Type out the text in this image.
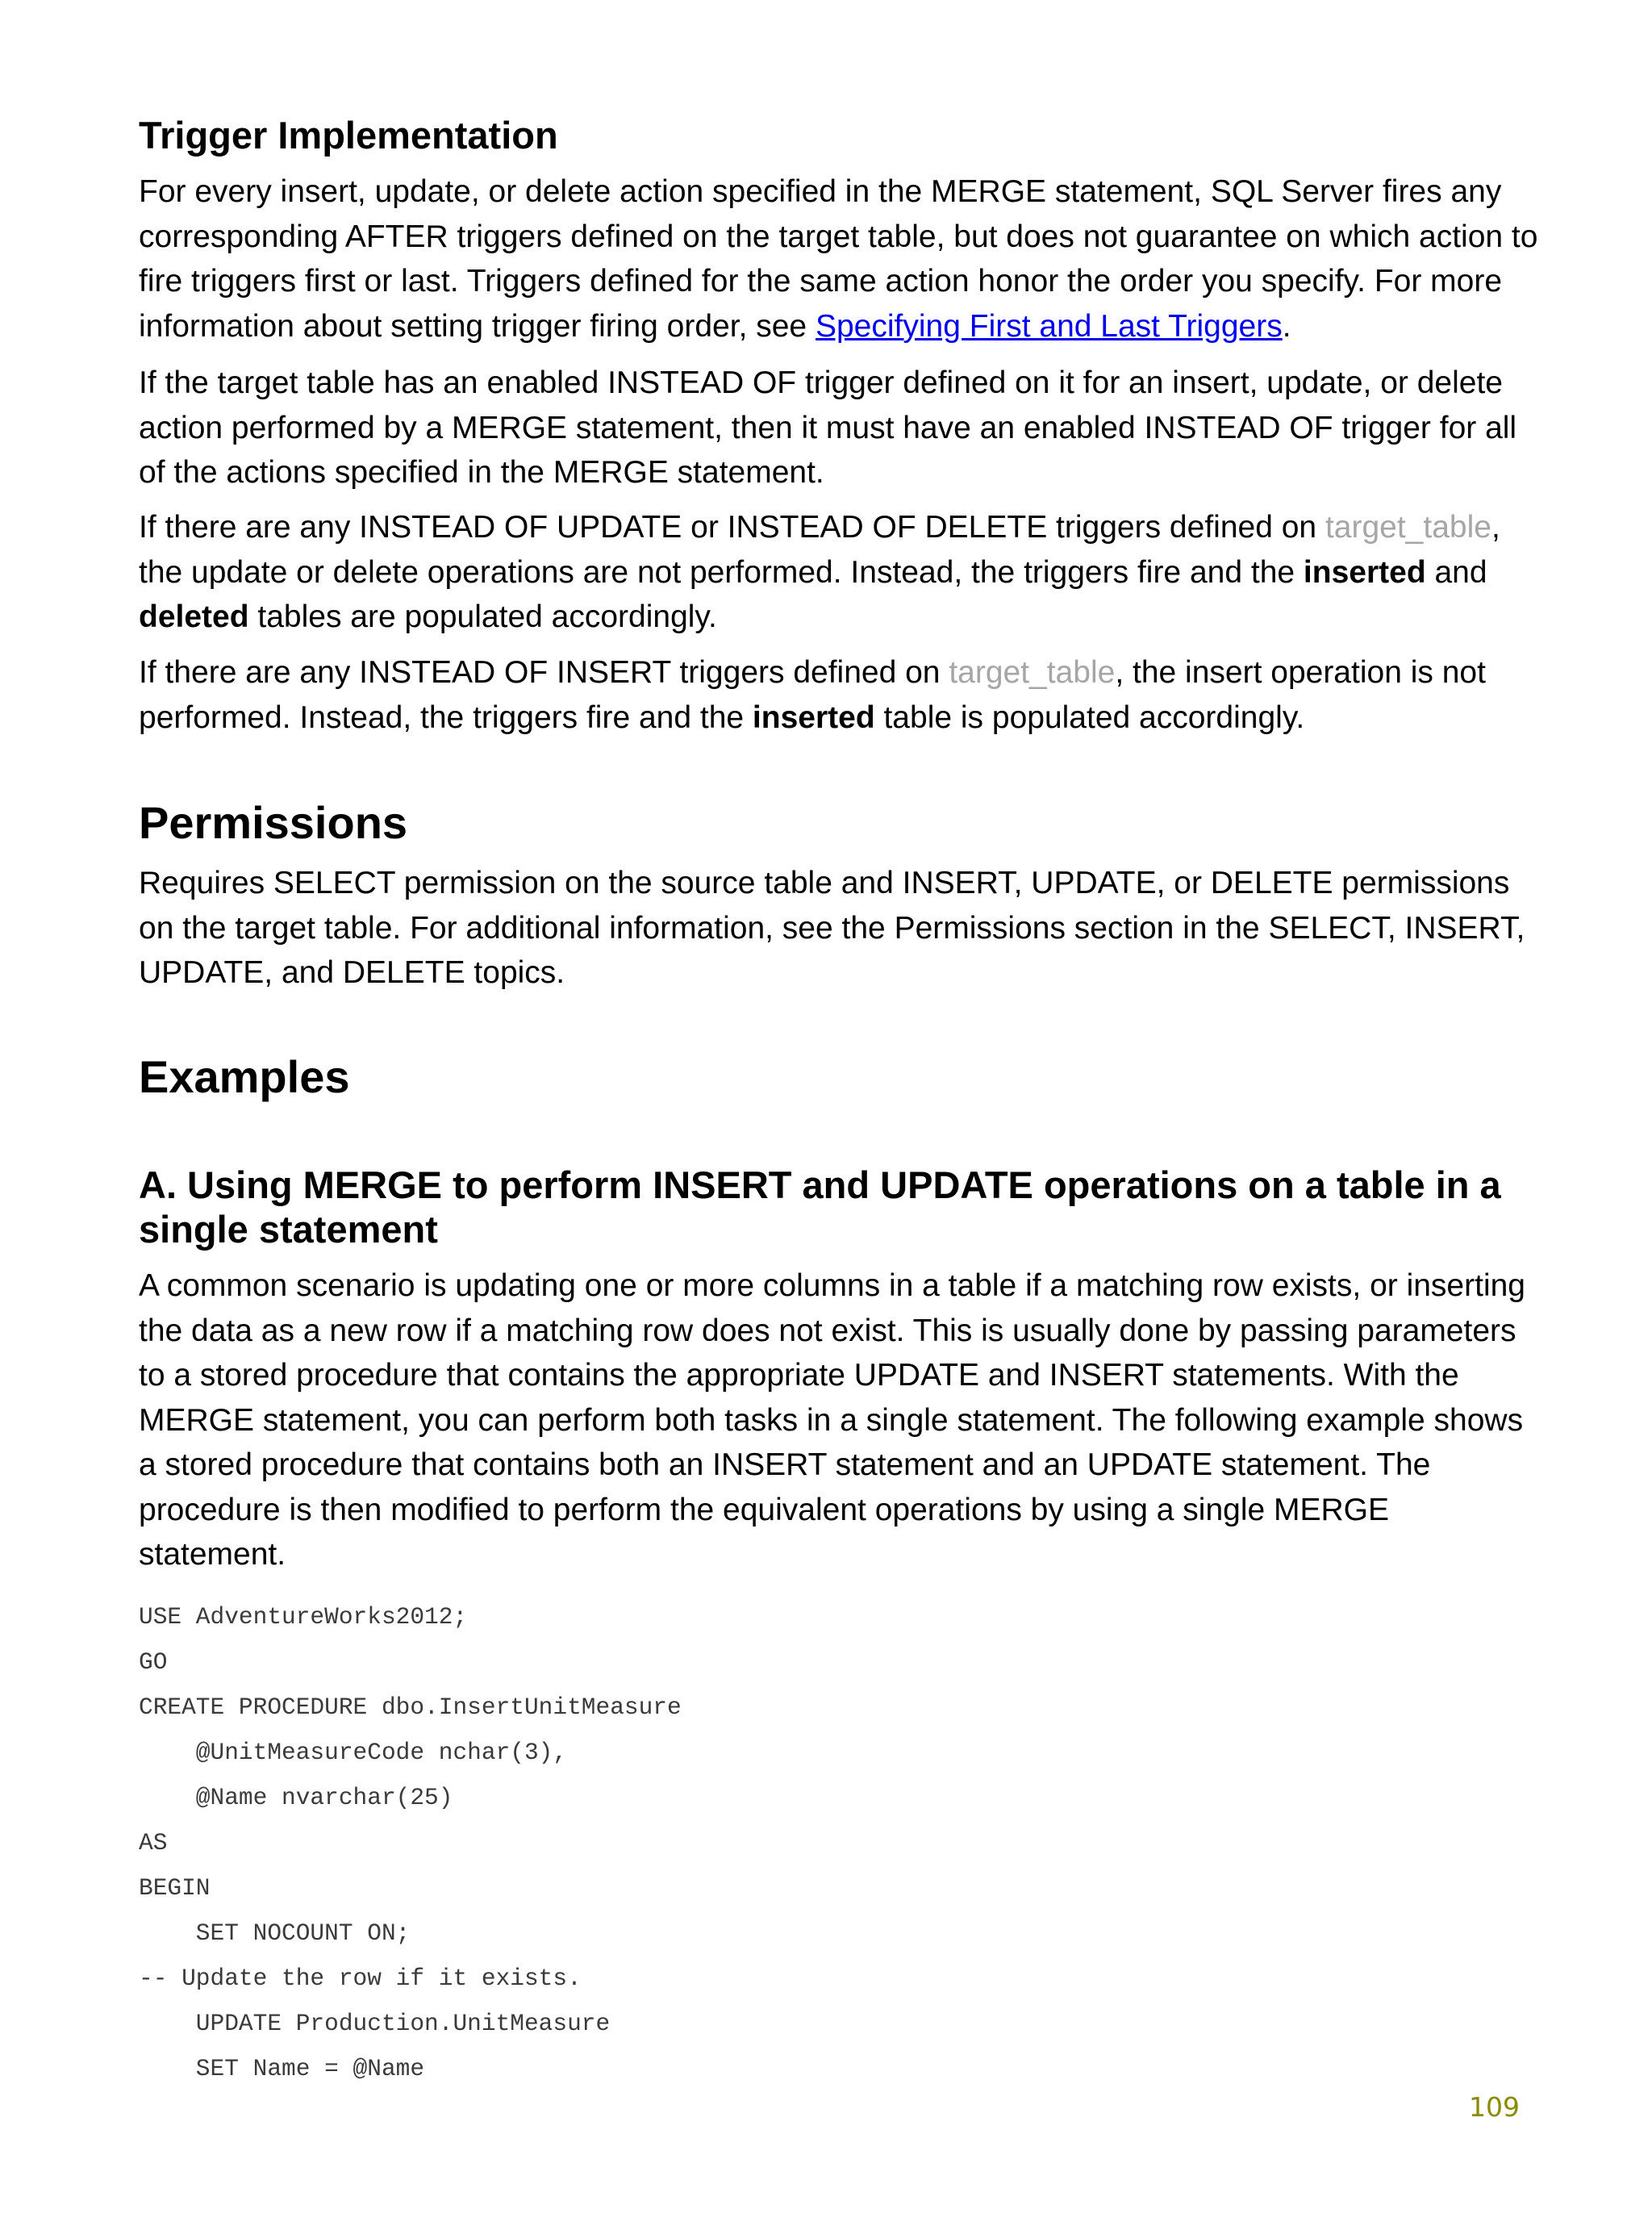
Trigger Implementation

For every insert, update, or delete action specified in the MERGE statement, SQL Server fires any corresponding AFTER triggers defined on the target table, but does not guarantee on which action to fire triggers first or last. Triggers defined for the same action honor the order you specify. For more information about setting trigger firing order, see Specifying First and Last Triggers.

If the target table has an enabled INSTEAD OF trigger defined on it for an insert, update, or delete action performed by a MERGE statement, then it must have an enabled INSTEAD OF trigger for all of the actions specified in the MERGE statement.

If there are any INSTEAD OF UPDATE or INSTEAD OF DELETE triggers defined on target_table, the update or delete operations are not performed. Instead, the triggers fire and the inserted and deleted tables are populated accordingly.

If there are any INSTEAD OF INSERT triggers defined on target_table, the insert operation is not performed. Instead, the triggers fire and the inserted table is populated accordingly.

Permissions

Requires SELECT permission on the source table and INSERT, UPDATE, or DELETE permissions on the target table. For additional information, see the Permissions section in the SELECT, INSERT, UPDATE, and DELETE topics.

Examples
A. Using MERGE to perform INSERT and UPDATE operations on a table in a single statement

A common scenario is updating one or more columns in a table if a matching row exists, or inserting the data as a new row if a matching row does not exist. This is usually done by passing parameters to a stored procedure that contains the appropriate UPDATE and INSERT statements. With the MERGE statement, you can perform both tasks in a single statement. The following example shows a stored procedure that contains both an INSERT statement and an UPDATE statement. The procedure is then modified to perform the equivalent operations by using a single MERGE statement.

USE AdventureWorks2012;
GO
CREATE PROCEDURE dbo.InsertUnitMeasure
@UnitMeasureCode nchar(3),
@Name nvarchar(25)
AS
BEGIN
SET NOCOUNT ON;
-- Update the row if it exists.
UPDATE Production.UnitMeasure
SET Name = @Name
109
